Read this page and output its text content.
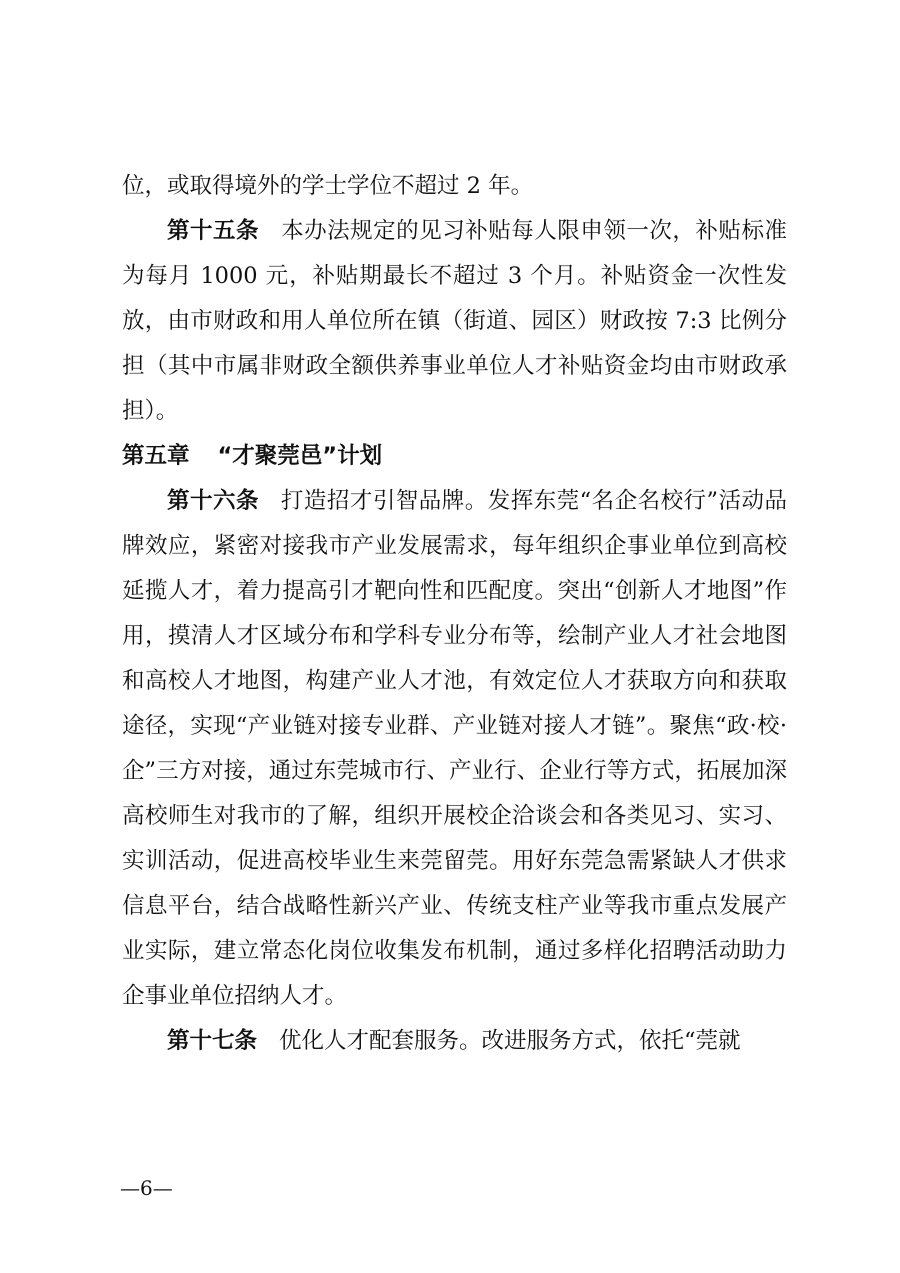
位，或取得境外的学士学位不超过 2 年。

第十五条 本办法规定的见习补贴每人限申领一次，补贴标准为每月 1000 元，补贴期最长不超过 3 个月。补贴资金一次性发放，由市财政和用人单位所在镇（街道、园区）财政按 7:3 比例分担（其中市属非财政全额供养事业单位人才补贴资金均由市财政承担）。

第五章 “才聚莞邑”计划

第十六条 打造招才引智品牌。发挥东莞“名企名校行”活动品牌效应，紧密对接我市产业发展需求，每年组织企事业单位到高校延揽人才，着力提高引才靶向性和匹配度。突出“创新人才地图”作用，摸清人才区域分布和学科专业分布等，绘制产业人才社会地图和高校人才地图，构建产业人才池，有效定位人才获取方向和获取途径，实现“产业链对接专业群、产业链对接人才链”。聚焦“政·校·企”三方对接，通过东莞城市行、产业行、企业行等方式，拓展加深高校师生对我市的了解，组织开展校企洽谈会和各类见习、实习、实训活动，促进高校毕业生来莞留莞。用好东莞急需紧缺人才供求信息平台，结合战略性新兴产业、传统支柱产业等我市重点发展产业实际，建立常态化岗位收集发布机制，通过多样化招聘活动助力企事业单位招纳人才。

第十七条 优化人才配套服务。改进服务方式，依托“莞就

—6—
